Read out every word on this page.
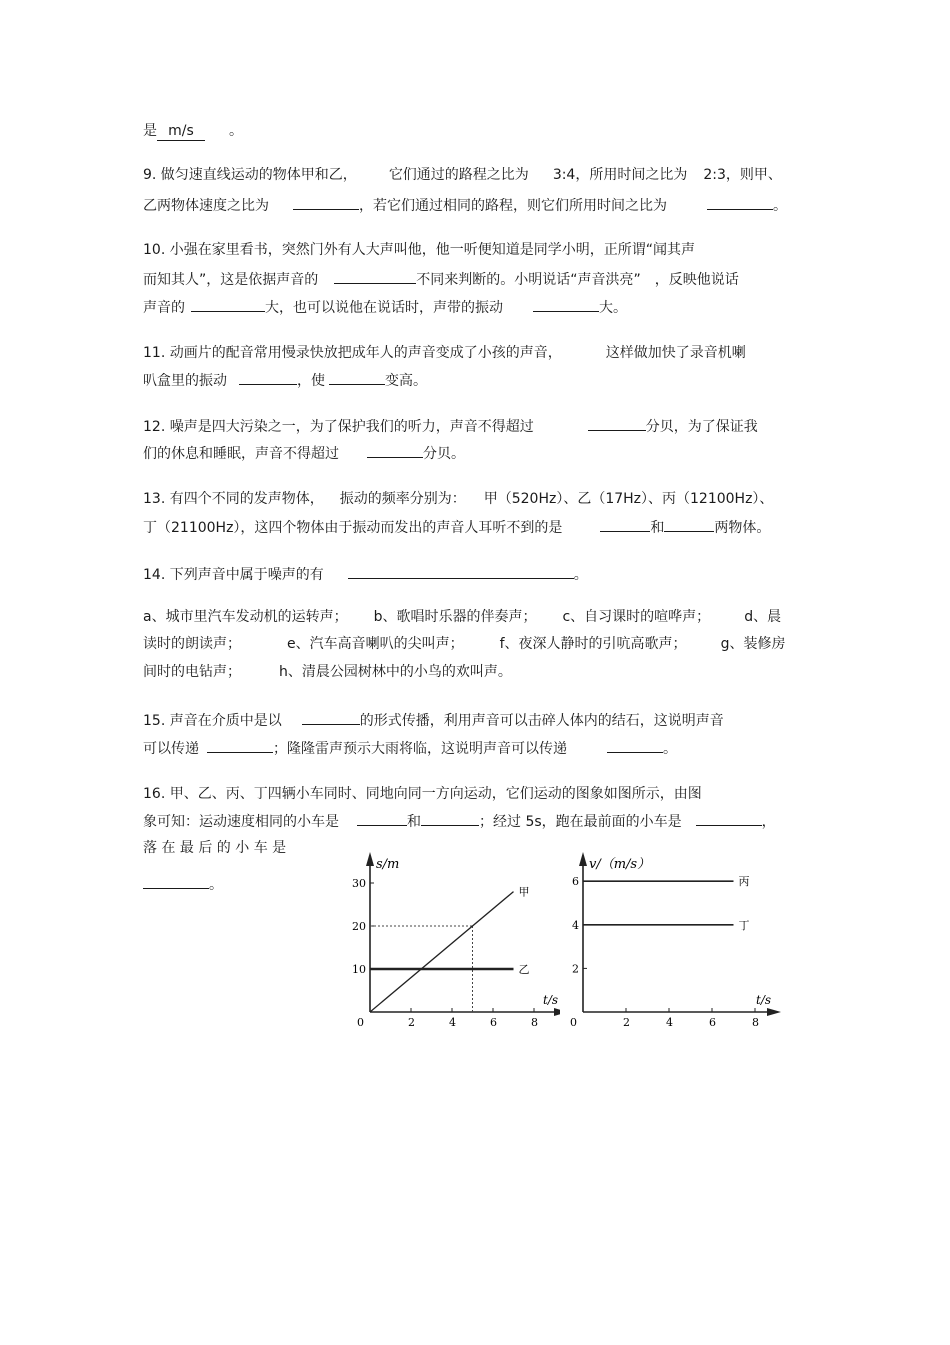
是 m/s	。
9. 做匀速直线运动的物体甲和乙， 它们通过的路程之比为 3:4，所用时间之比为 2:3，则甲、
乙两物体速度之比为	，若它们通过相同的路程，则它们所用时间之比为	。
10. 小强在家里看书，突然门外有人大声叫他，他一听便知道是同学小明，正所谓“闻其声
而知其人”，这是依据声音的	不同来判断的。小明说话“声音洪亮” ，反映他说话
声音的	大，也可以说他在说话时，声带的振动	大。
11. 动画片的配音常用慢录快放把成年人的声音变成了小孩的声音，	这样做加快了录音机喇
叭盒里的振动	，使	变高。
12. 噪声是四大污染之一，为了保护我们的听力，声音不得超过	分贝，为了保证我
们的休息和睡眠，声音不得超过	分贝。
13. 有四个不同的发声物体， 振动的频率分别为： 甲（520Hz）、乙（17Hz）、丙（12100Hz）、
丁（21100Hz），这四个物体由于振动而发出的声音人耳听不到的是	和	两物体。
14. 下列声音中属于噪声的有	。
a、城市里汽车发动机的运转声； b、歌唱时乐器的伴奏声； c、自习课时的喧哗声； d、晨
读时的朗读声；	e、汽车高音喇叭的尖叫声；	f、夜深人静时的引吭高歌声； g、装修房
间时的电钻声；	h、清晨公园树林中的小鸟的欢叫声。
15. 声音在介质中是以	的形式传播，利用声音可以击碎人体内的结石，这说明声音
可以传递	；隆隆雷声预示大雨将临，这说明声音可以传递	。
16. 甲、乙、丙、丁四辆小车同时、同地向同一方向运动，它们运动的图象如图所示，由图
象可知：运动速度相同的小车是	和	；经过 5s，跑在最前面的小车是	，
落 在 最 后 的 小 车 是
。
s/m
t/s
0	2	4	6	8
10
20
30
甲
乙
v/（m/s）
t/s
0	2	4	6	8
2
4
6	丙
丁
